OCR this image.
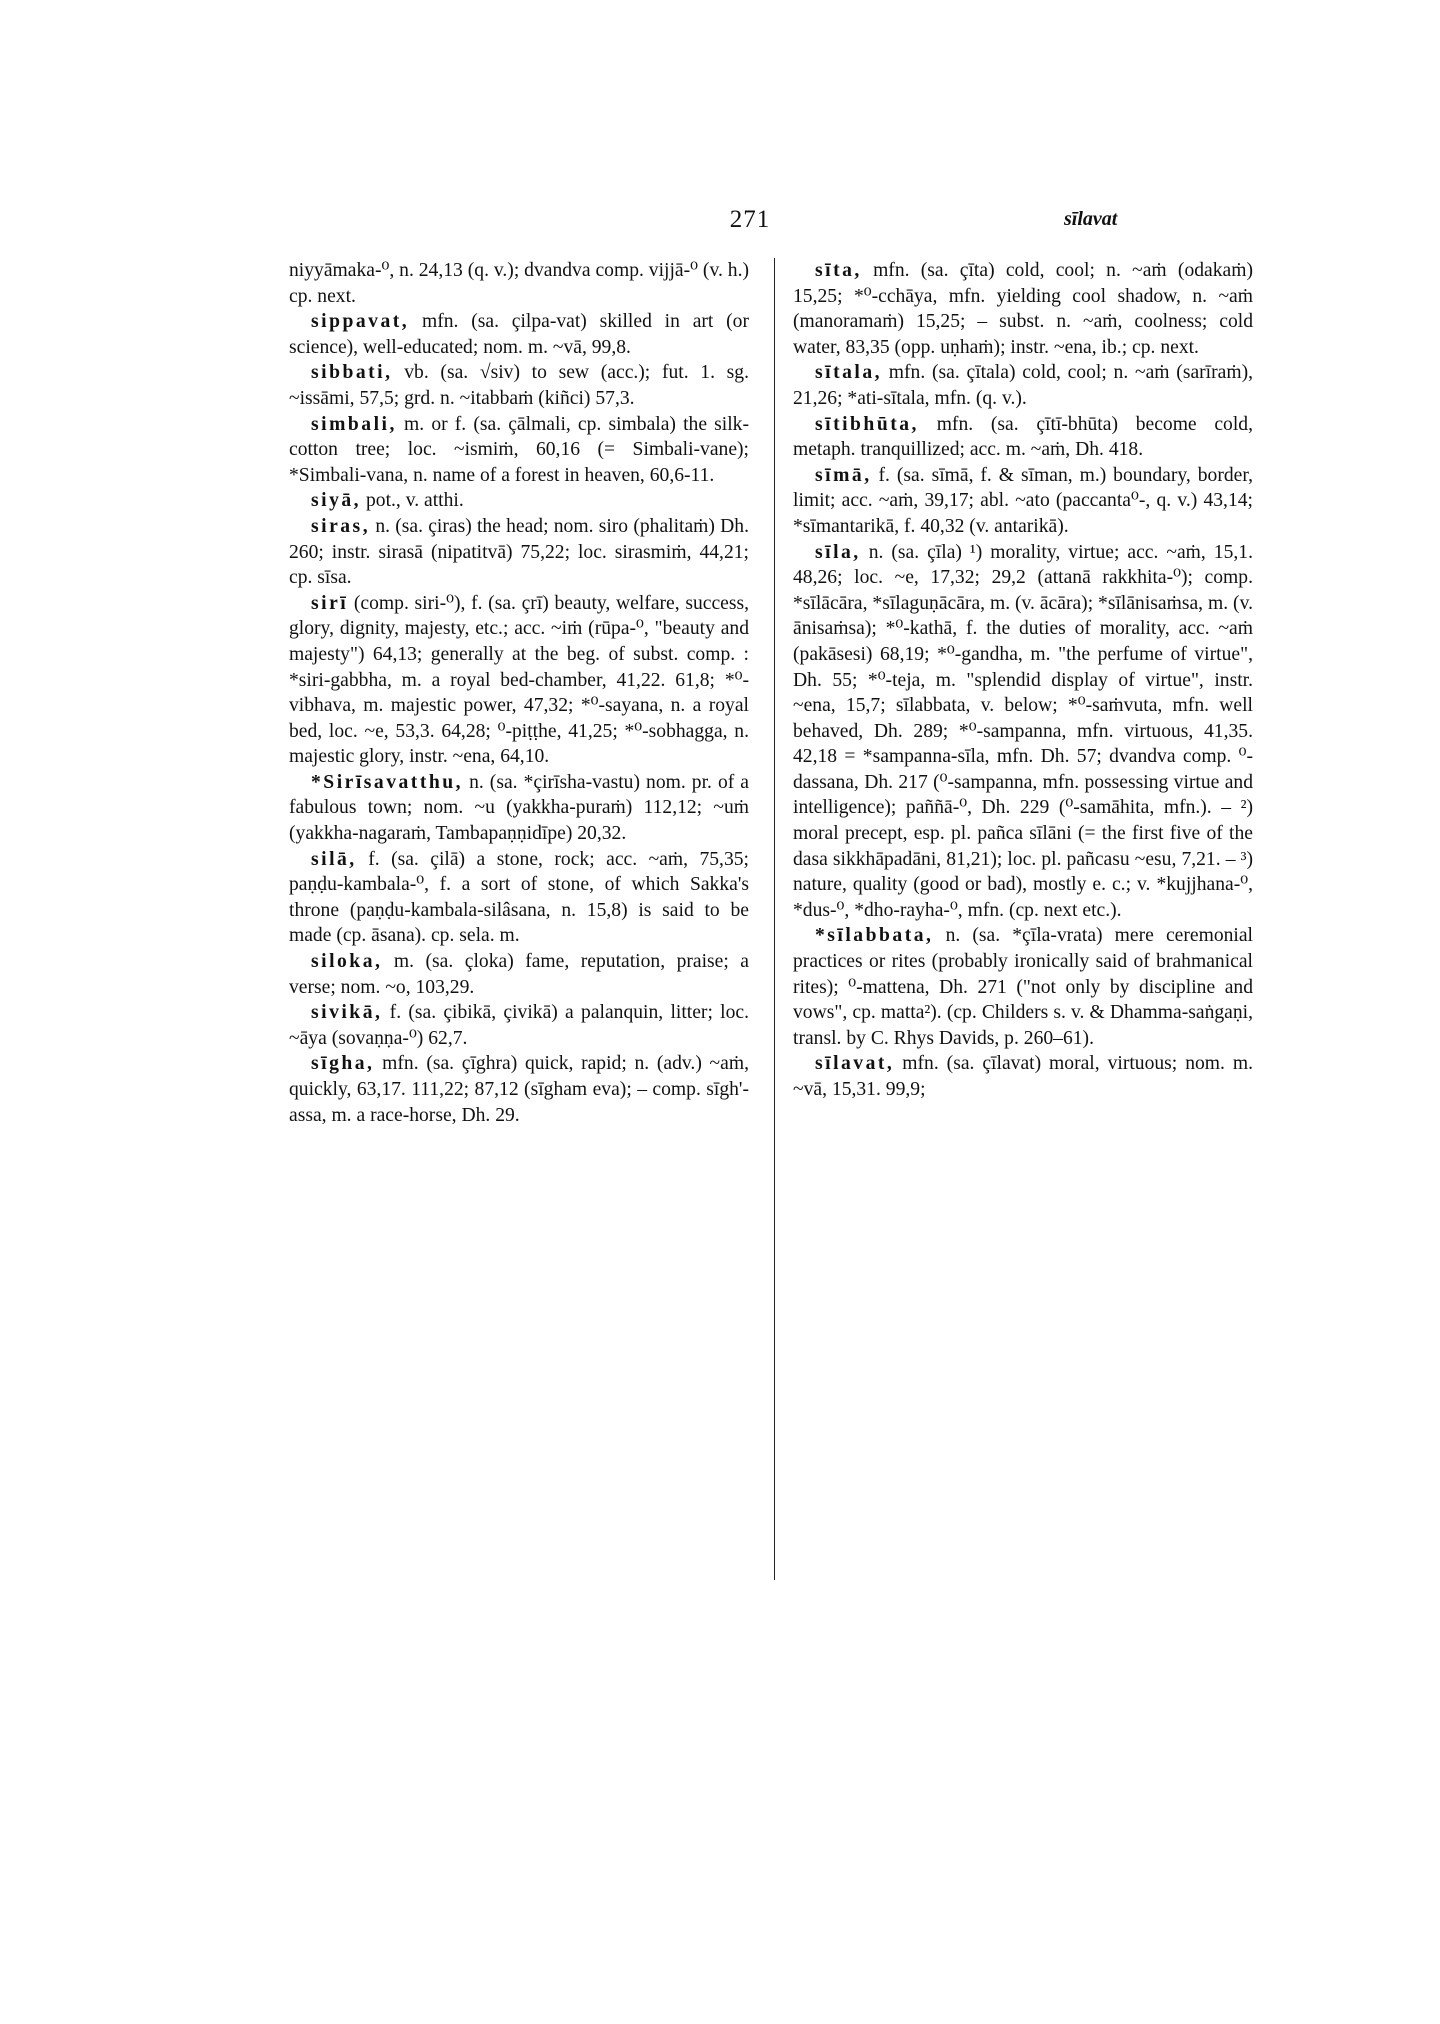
271	sīlavat

niyyāmaka-⁰, n. 24,13 (q. v.); dvandva comp. vijjā-⁰ (v. h.) cp. next.

sippavat, mfn. (sa. çilpa-vat) skilled in art (or science), well-educated; nom. m. ~vā, 99,8.

sibbati, vb. (sa. √siv) to sew (acc.); fut. 1. sg. ~issāmi, 57,5; grd. n. ~itabbaṁ (kiñci) 57,3.

simbali, m. or f. (sa. çālmali, cp. simbala) the silk-cotton tree; loc. ~ismiṁ, 60,16 (= Simbali-vane); *Simbali-vana, n. name of a forest in heaven, 60,6-11.

siyā, pot., v. atthi.

siras, n. (sa. çiras) the head; nom. siro (phalitaṁ) Dh. 260; instr. sirasā (nipatitvā) 75,22; loc. sirasmiṁ, 44,21; cp. sīsa.

sirī (comp. siri-⁰), f. (sa. çrī) beauty, welfare, success, glory, dignity, majesty, etc.; acc. ~iṁ (rūpa-⁰, "beauty and majesty") 64,13; generally at the beg. of subst. comp. : *siri-gabbha, m. a royal bed-chamber, 41,22. 61,8; *⁰-vibhava, m. majestic power, 47,32; *⁰-sayana, n. a royal bed, loc. ~e, 53,3. 64,28; ⁰-piṭṭhe, 41,25; *⁰-sobhagga, n. majestic glory, instr. ~ena, 64,10.

*Sirīsavatthu, n. (sa. *çirīsha-vastu) nom. pr. of a fabulous town; nom. ~u (yakkha-puraṁ) 112,12; ~uṁ (yakkha-nagaraṁ, Tambapaṇṇidīpe) 20,32.

silā, f. (sa. çilā) a stone, rock; acc. ~aṁ, 75,35; paṇḍu-kambala-⁰, f. a sort of stone, of which Sakka's throne (paṇḍu-kambala-silâsana, n. 15,8) is said to be made (cp. āsana). cp. sela. m.

siloka, m. (sa. çloka) fame, reputation, praise; a verse; nom. ~o, 103,29.

sivikā, f. (sa. çibikā, çivikā) a palanquin, litter; loc. ~āya (sovaṇṇa-⁰) 62,7.

sīgha, mfn. (sa. çīghra) quick, rapid; n. (adv.) ~aṁ, quickly, 63,17. 111,22; 87,12 (sīgham eva); – comp. sīgh'-assa, m. a race-horse, Dh. 29.

sīta, mfn. (sa. çīta) cold, cool; n. ~aṁ (odakaṁ) 15,25; *⁰-cchāya, mfn. yielding cool shadow, n. ~aṁ (manoramaṁ) 15,25; – subst. n. ~aṁ, coolness; cold water, 83,35 (opp. uṇhaṁ); instr. ~ena, ib.; cp. next.

sītala, mfn. (sa. çītala) cold, cool; n. ~aṁ (sarīraṁ), 21,26; *ati-sītala, mfn. (q. v.).

sītibhūta, mfn. (sa. çītī-bhūta) become cold, metaph. tranquillized; acc. m. ~aṁ, Dh. 418.

sīmā, f. (sa. sīmā, f. & sīman, m.) boundary, border, limit; acc. ~aṁ, 39,17; abl. ~ato (paccanta⁰-, q. v.) 43,14; *sīmantarikā, f. 40,32 (v. antarikā).

sīla, n. (sa. çīla) ¹) morality, virtue; acc. ~aṁ, 15,1. 48,26; loc. ~e, 17,32; 29,2 (attanā rakkhita-⁰); comp. *sīlācāra, *sīlaguṇācāra, m. (v. ācāra); *sīlānisaṁsa, m. (v. ānisaṁsa); *⁰-kathā, f. the duties of morality, acc. ~aṁ (pakāsesi) 68,19; *⁰-gandha, m. "the perfume of virtue", Dh. 55; *⁰-teja, m. "splendid display of virtue", instr. ~ena, 15,7; sīlabbata, v. below; *⁰-saṁvuta, mfn. well behaved, Dh. 289; *⁰-sampanna, mfn. virtuous, 41,35. 42,18 = *sampanna-sīla, mfn. Dh. 57; dvandva comp. ⁰-dassana, Dh. 217 (⁰-sampanna, mfn. possessing virtue and intelligence); paññā-⁰, Dh. 229 (⁰-samāhita, mfn.). – ²) moral precept, esp. pl. pañca sīlāni (= the first five of the dasa sikkhāpadāni, 81,21); loc. pl. pañcasu ~esu, 7,21. – ³) nature, quality (good or bad), mostly e. c.; v. *kujjhana-⁰, *dus-⁰, *dho-rayha-⁰, mfn. (cp. next etc.).

*sīlabbata, n. (sa. *çīla-vrata) mere ceremonial practices or rites (probably ironically said of brahmanical rites); ⁰-mattena, Dh. 271 ("not only by discipline and vows", cp. matta²). (cp. Childers s. v. & Dhamma-saṅgaṇi, transl. by C. Rhys Davids, p. 260–61).

sīlavat, mfn. (sa. çīlavat) moral, virtuous; nom. m. ~vā, 15,31. 99,9;
